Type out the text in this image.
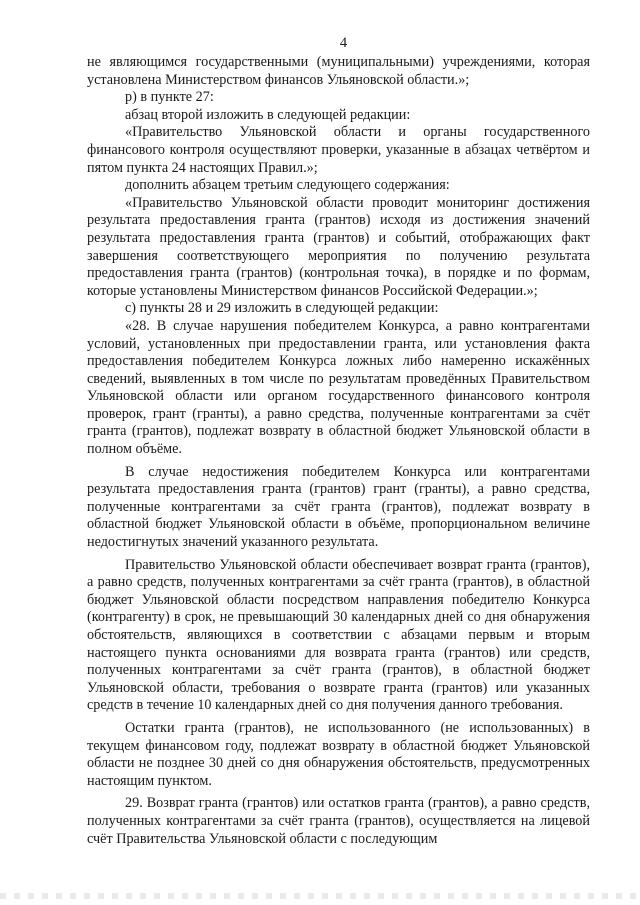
4

не являющимся государственными (муниципальными) учреждениями, которая установлена Министерством финансов Ульяновской области.»;

р) в пункте 27:

абзац второй изложить в следующей редакции:

«Правительство Ульяновской области и органы государственного финансового контроля осуществляют проверки, указанные в абзацах четвёртом и пятом пункта 24 настоящих Правил.»;

дополнить абзацем третьим следующего содержания:

«Правительство Ульяновской области проводит мониторинг достижения результата предоставления гранта (грантов) исходя из достижения значений результата предоставления гранта (грантов) и событий, отображающих факт завершения соответствующего мероприятия по получению результата предоставления гранта (грантов) (контрольная точка), в порядке и по формам, которые установлены Министерством финансов Российской Федерации.»;

с) пункты 28 и 29 изложить в следующей редакции:

«28. В случае нарушения победителем Конкурса, а равно контрагентами условий, установленных при предоставлении гранта, или установления факта предоставления победителем Конкурса ложных либо намеренно искажённых сведений, выявленных в том числе по результатам проведённых Правительством Ульяновской области или органом государственного финансового контроля проверок, грант (гранты), а равно средства, полученные контрагентами за счёт гранта (грантов), подлежат возврату в областной бюджет Ульяновской области в полном объёме.

В случае недостижения победителем Конкурса или контрагентами результата предоставления гранта (грантов) грант (гранты), а равно средства, полученные контрагентами за счёт гранта (грантов), подлежат возврату в областной бюджет Ульяновской области в объёме, пропорциональном величине недостигнутых значений указанного результата.

Правительство Ульяновской области обеспечивает возврат гранта (грантов), а равно средств, полученных контрагентами за счёт гранта (грантов), в областной бюджет Ульяновской области посредством направления победителю Конкурса (контрагенту) в срок, не превышающий 30 календарных дней со дня обнаружения обстоятельств, являющихся в соответствии с абзацами первым и вторым настоящего пункта основаниями для возврата гранта (грантов) или средств, полученных контрагентами за счёт гранта (грантов), в областной бюджет Ульяновской области, требования о возврате гранта (грантов) или указанных средств в течение 10 календарных дней со дня получения данного требования.

Остатки гранта (грантов), не использованного (не использованных) в текущем финансовом году, подлежат возврату в областной бюджет Ульяновской области не позднее 30 дней со дня обнаружения обстоятельств, предусмотренных настоящим пунктом.

29. Возврат гранта (грантов) или остатков гранта (грантов), а равно средств, полученных контрагентами за счёт гранта (грантов), осуществляется на лицевой счёт Правительства Ульяновской области с последующим
